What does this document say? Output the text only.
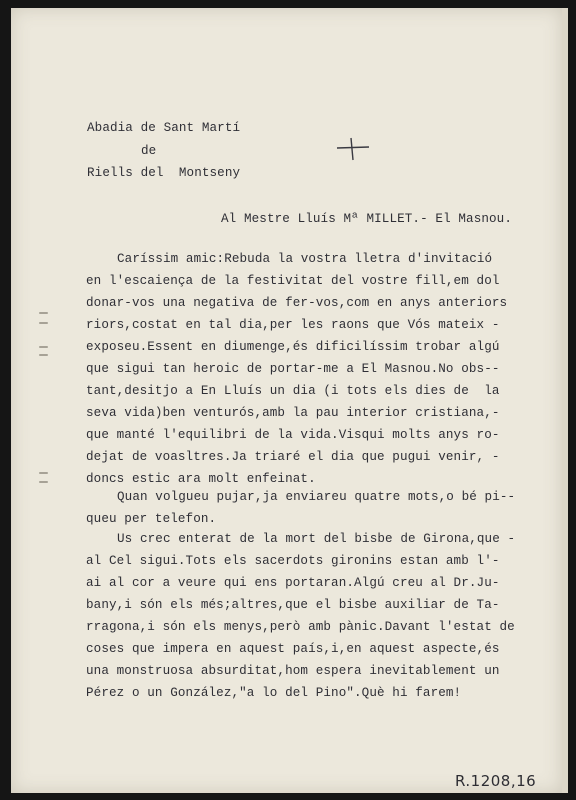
Abadia de Sant Martí
de
Riells del  Montseny
Al Mestre Lluís Mª MILLET.- El Masnou.
Caríssim amic:Rebuda la vostra lletra d'invitació
en l'escaiença de la festivitat del vostre fill,em dol
donar-vos una negativa de fer-vos,com en anys anteriors
riors,costat en tal dia,per les raons que Vós mateix -
exposeu.Essent en diumenge,és dificilíssim trobar algú
que sigui tan heroic de portar-me a El Masnou.No obs--
tant,desitjo a En Lluís un dia (i tots els dies de  la
seva vida)ben venturós,amb la pau interior cristiana,-
que manté l'equilibri de la vida.Visqui molts anys ro-
dejat de voasltres.Ja triaré el dia que pugui venir, -
doncs estic ara molt enfeinat.
Quan volgueu pujar,ja enviareu quatre mots,o bé pi--
queu per telefon.
Us crec enterat de la mort del bisbe de Girona,que -
al Cel sigui.Tots els sacerdots gironins estan amb l'-
ai al cor a veure qui ens portaran.Algú creu al Dr.Ju-
bany,i són els més;altres,que el bisbe auxiliar de Ta-
rragona,i són els menys,però amb pànic.Davant l'estat de
coses que impera en aquest país,i,en aquest aspecte,és
una monstruosa absurditat,hom espera inevitablement un
Pérez o un González,"a lo del Pino".Què hi farem!
R.1208,16
